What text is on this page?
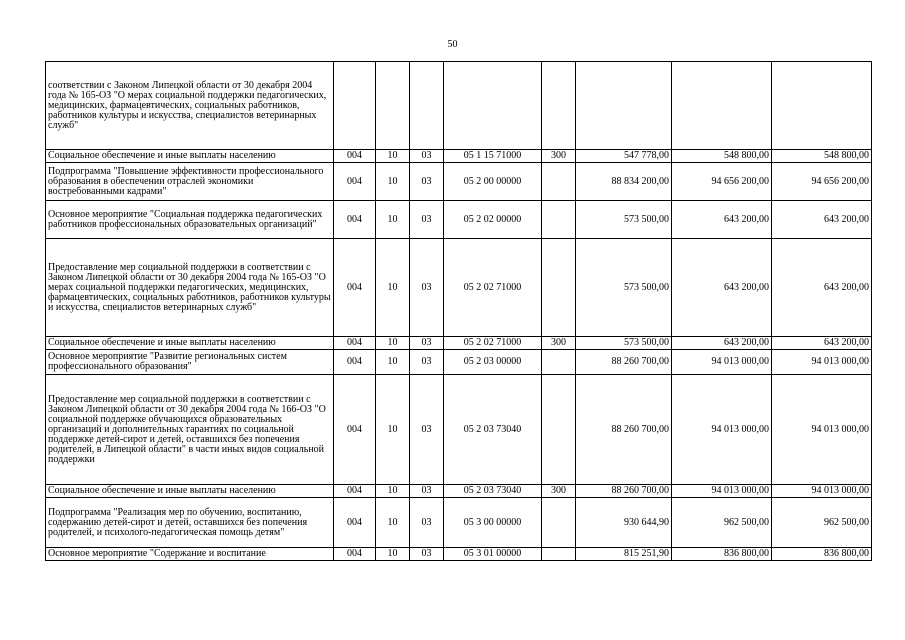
50
соответствии с Законом Липецкой области от 30 декабря 2004 года № 165-ОЗ "О мерах социальной поддержки педагогических, медицинских, фармацевтических, социальных работников, работников культуры и искусства, специалистов ветеринарных служб"								
Социальное обеспечение и иные выплаты населению	004	10	03	05 1 15 71000	300	547 778,00	548 800,00	548 800,00
Подпрограмма "Повышение эффективности профессионального образования в обеспечении отраслей экономики востребованными кадрами"	004	10	03	05 2 00 00000		88 834 200,00	94 656 200,00	94 656 200,00
Основное мероприятие "Социальная поддержка педагогических работников профессиональных образовательных организаций"	004	10	03	05 2 02 00000		573 500,00	643 200,00	643 200,00
Предоставление мер социальной поддержки в соответствии с Законом Липецкой области от 30 декабря 2004 года № 165-ОЗ "О мерах социальной поддержки педагогических, медицинских, фармацевтических, социальных работников, работников культуры и искусства, специалистов ветеринарных служб"	004	10	03	05 2 02 71000		573 500,00	643 200,00	643 200,00
Социальное обеспечение и иные выплаты населению	004	10	03	05 2 02 71000	300	573 500,00	643 200,00	643 200,00
Основное мероприятие "Развитие региональных систем профессионального образования"	004	10	03	05 2 03 00000		88 260 700,00	94 013 000,00	94 013 000,00
Предоставление мер социальной поддержки в соответствии с Законом Липецкой области от 30 декабря 2004 года № 166-ОЗ "О социальной поддержке обучающихся образовательных организаций и дополнительных гарантиях по социальной поддержке детей-сирот и детей, оставшихся без попечения родителей, в Липецкой области" в части иных видов социальной поддержки	004	10	03	05 2 03 73040		88 260 700,00	94 013 000,00	94 013 000,00
Социальное обеспечение и иные выплаты населению	004	10	03	05 2 03 73040	300	88 260 700,00	94 013 000,00	94 013 000,00
Подпрограмма "Реализация мер по обучению, воспитанию, содержанию детей-сирот и детей, оставшихся без попечения родителей, и психолого-педагогическая помощь детям"	004	10	03	05 3 00 00000		930 644,90	962 500,00	962 500,00
Основное мероприятие "Содержание и воспитание	004	10	03	05 3 01 00000		815 251,90	836 800,00	836 800,00
